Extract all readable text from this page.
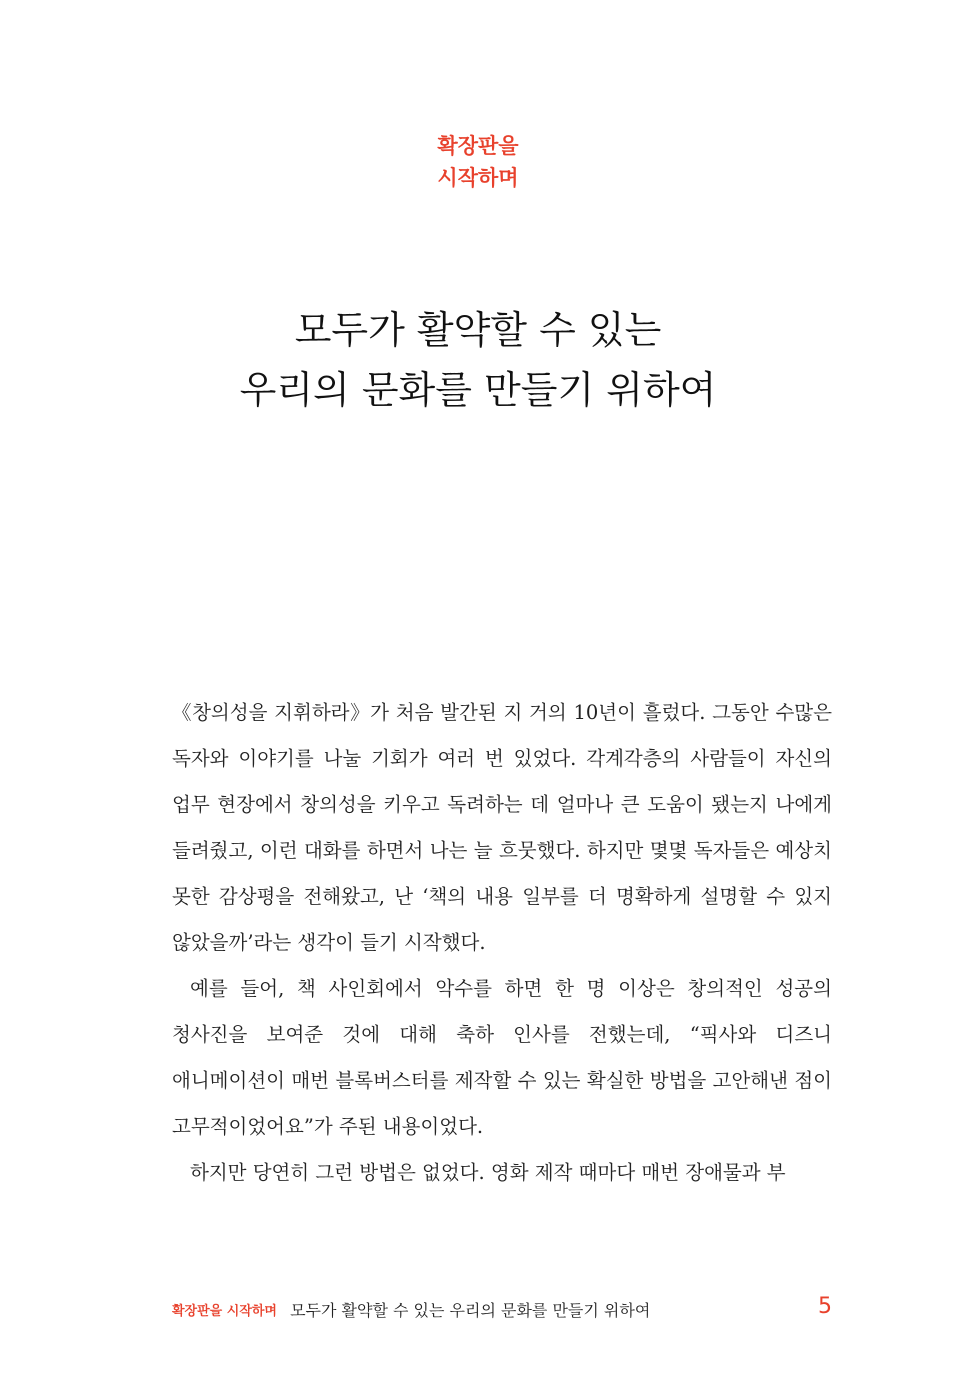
확장판을
시작하며
모두가 활약할 수 있는
우리의 문화를 만들기 위하여

《창의성을 지휘하라》가 처음 발간된 지 거의 10년이 흘렀다. 그동안 수많은 독자와 이야기를 나눌 기회가 여러 번 있었다. 각계각층의 사람들이 자신의 업무 현장에서 창의성을 키우고 독려하는 데 얼마나 큰 도움이 됐는지 나에게 들려줬고, 이런 대화를 하면서 나는 늘 흐뭇했다. 하지만 몇몇 독자들은 예상치 못한 감상평을 전해왔고, 난 ‘책의 내용 일부를 더 명확하게 설명할 수 있지 않았을까’라는 생각이 들기 시작했다.

예를 들어, 책 사인회에서 악수를 하면 한 명 이상은 창의적인 성공의 청사진을 보여준 것에 대해 축하 인사를 전했는데, “픽사와 디즈니 애니메이션이 매번 블록버스터를 제작할 수 있는 확실한 방법을 고안해낸 점이 고무적이었어요”가 주된 내용이었다.

하지만 당연히 그런 방법은 없었다. 영화 제작 때마다 매번 장애물과 부

확장판을 시작하며 모두가 활약할 수 있는 우리의 문화를 만들기 위하여	5
